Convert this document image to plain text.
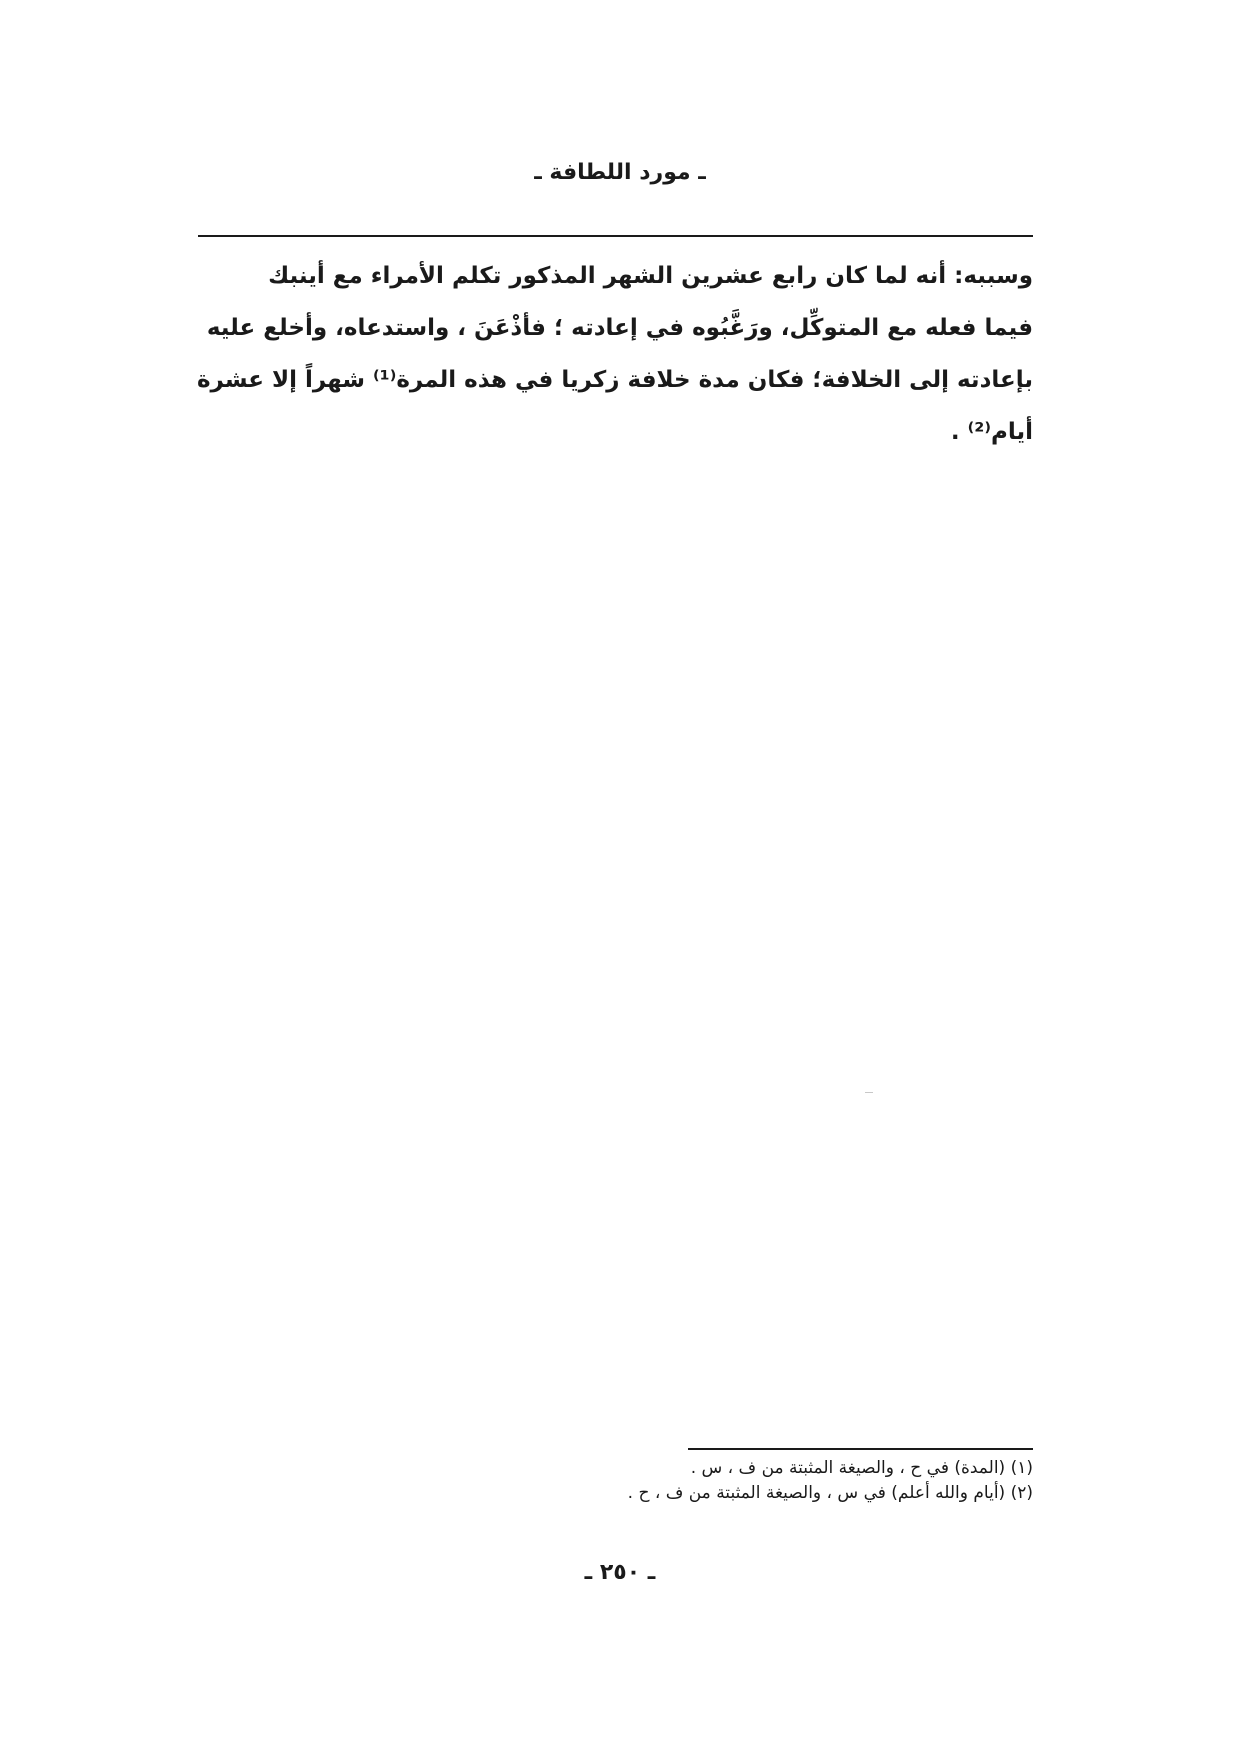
ـ مورد اللطافة ـ
وسببه: أنه لما كان رابع عشرين الشهر المذكور تكلم الأمراء مع أينبك
فيما فعله مع المتوكِّل، ورَغَّبُوه في إعادته ؛ فأذْعَنَ ، واستدعاه، وأخلع عليه
بإعادته إلى الخلافة؛ فكان مدة خلافة زكريا في هذه المرة⁽¹⁾ شهراً إلا عشرة
أيام⁽²⁾ .
(١) (المدة) في ح ، والصيغة المثبتة من ف ، س .
(٢) (أيام والله أعلم) في س ، والصيغة المثبتة من ف ، ح .
ـ ٢٥٠ ـ
